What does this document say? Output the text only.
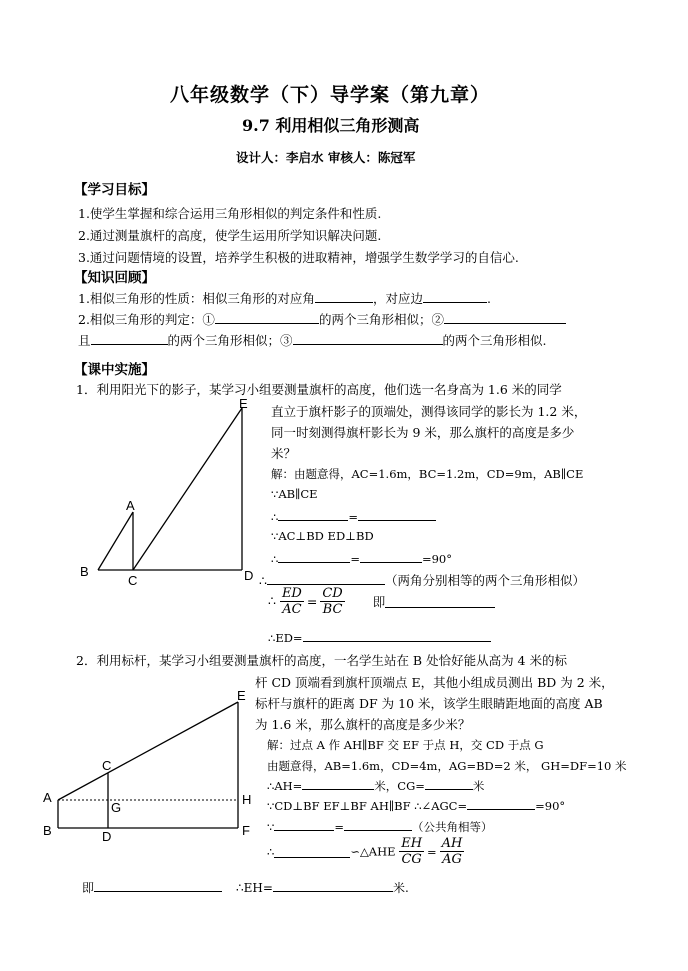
八年级数学（下）导学案（第九章）
9.7 利用相似三角形测高
设计人：李启水 审核人：陈冠军
【学习目标】
1.使学生掌握和综合运用三角形相似的判定条件和性质.
2.通过测量旗杆的高度，使学生运用所学知识解决问题.
3.通过问题情境的设置，培养学生积极的进取精神，增强学生数学学习的自信心.
【知识回顾】
1.相似三角形的性质：相似三角形的对应角	，对应边	.
2.相似三角形的判定：①	的两个三角形相似；②
且	的两个三角形相似；③	的两个三角形相似.
【课中实施】
1．利用阳光下的影子，某学习小组要测量旗杆的高度，他们选一名身高为 1.6 米的同学
直立于旗杆影子的顶端处，测得该同学的影长为 1.2 米，
同一时刻测得旗杆影长为 9 米，那么旗杆的高度是多少
米？
解：由题意得，AC=1.6m，BC=1.2m，CD=9m，AB∥CE
∵AB∥CE
∴	=
∵AC⊥BD ED⊥BD
∴	=	=90°
∴	（两角分别相等的两个三角形相似）
∴ $\frac{ED}{AC} = \frac{CD}{BC}$ 即
∴ED=
E
A
B
C	D
2．利用标杆，某学习小组要测量旗杆的高度，一名学生站在 B 处恰好能从高为 4 米的标
杆 CD 顶端看到旗杆顶端点 E，其他小组成员测出 BD 为 2 米，
标杆与旗杆的距离 DF 为 10 米，该学生眼睛距地面的高度 AB
为 1.6 米，那么旗杆的高度是多少米？
解：过点 A 作 AH∥BF 交 EF 于点 H，交 CD 于点 G
由题意得，AB=1.6m，CD=4m，AG=BD=2 米， GH=DF=10 米
∴AH=	米，CG=	米
∵CD⊥BF EF⊥BF AH∥BF ∴∠AGC=	=90°
∵	=	（公共角相等）
∴	∽△AHE $\frac{EH}{CG} = \frac{AH}{AG}$
即	∴EH=	米.
E
C
A
G
H
B	D	F
